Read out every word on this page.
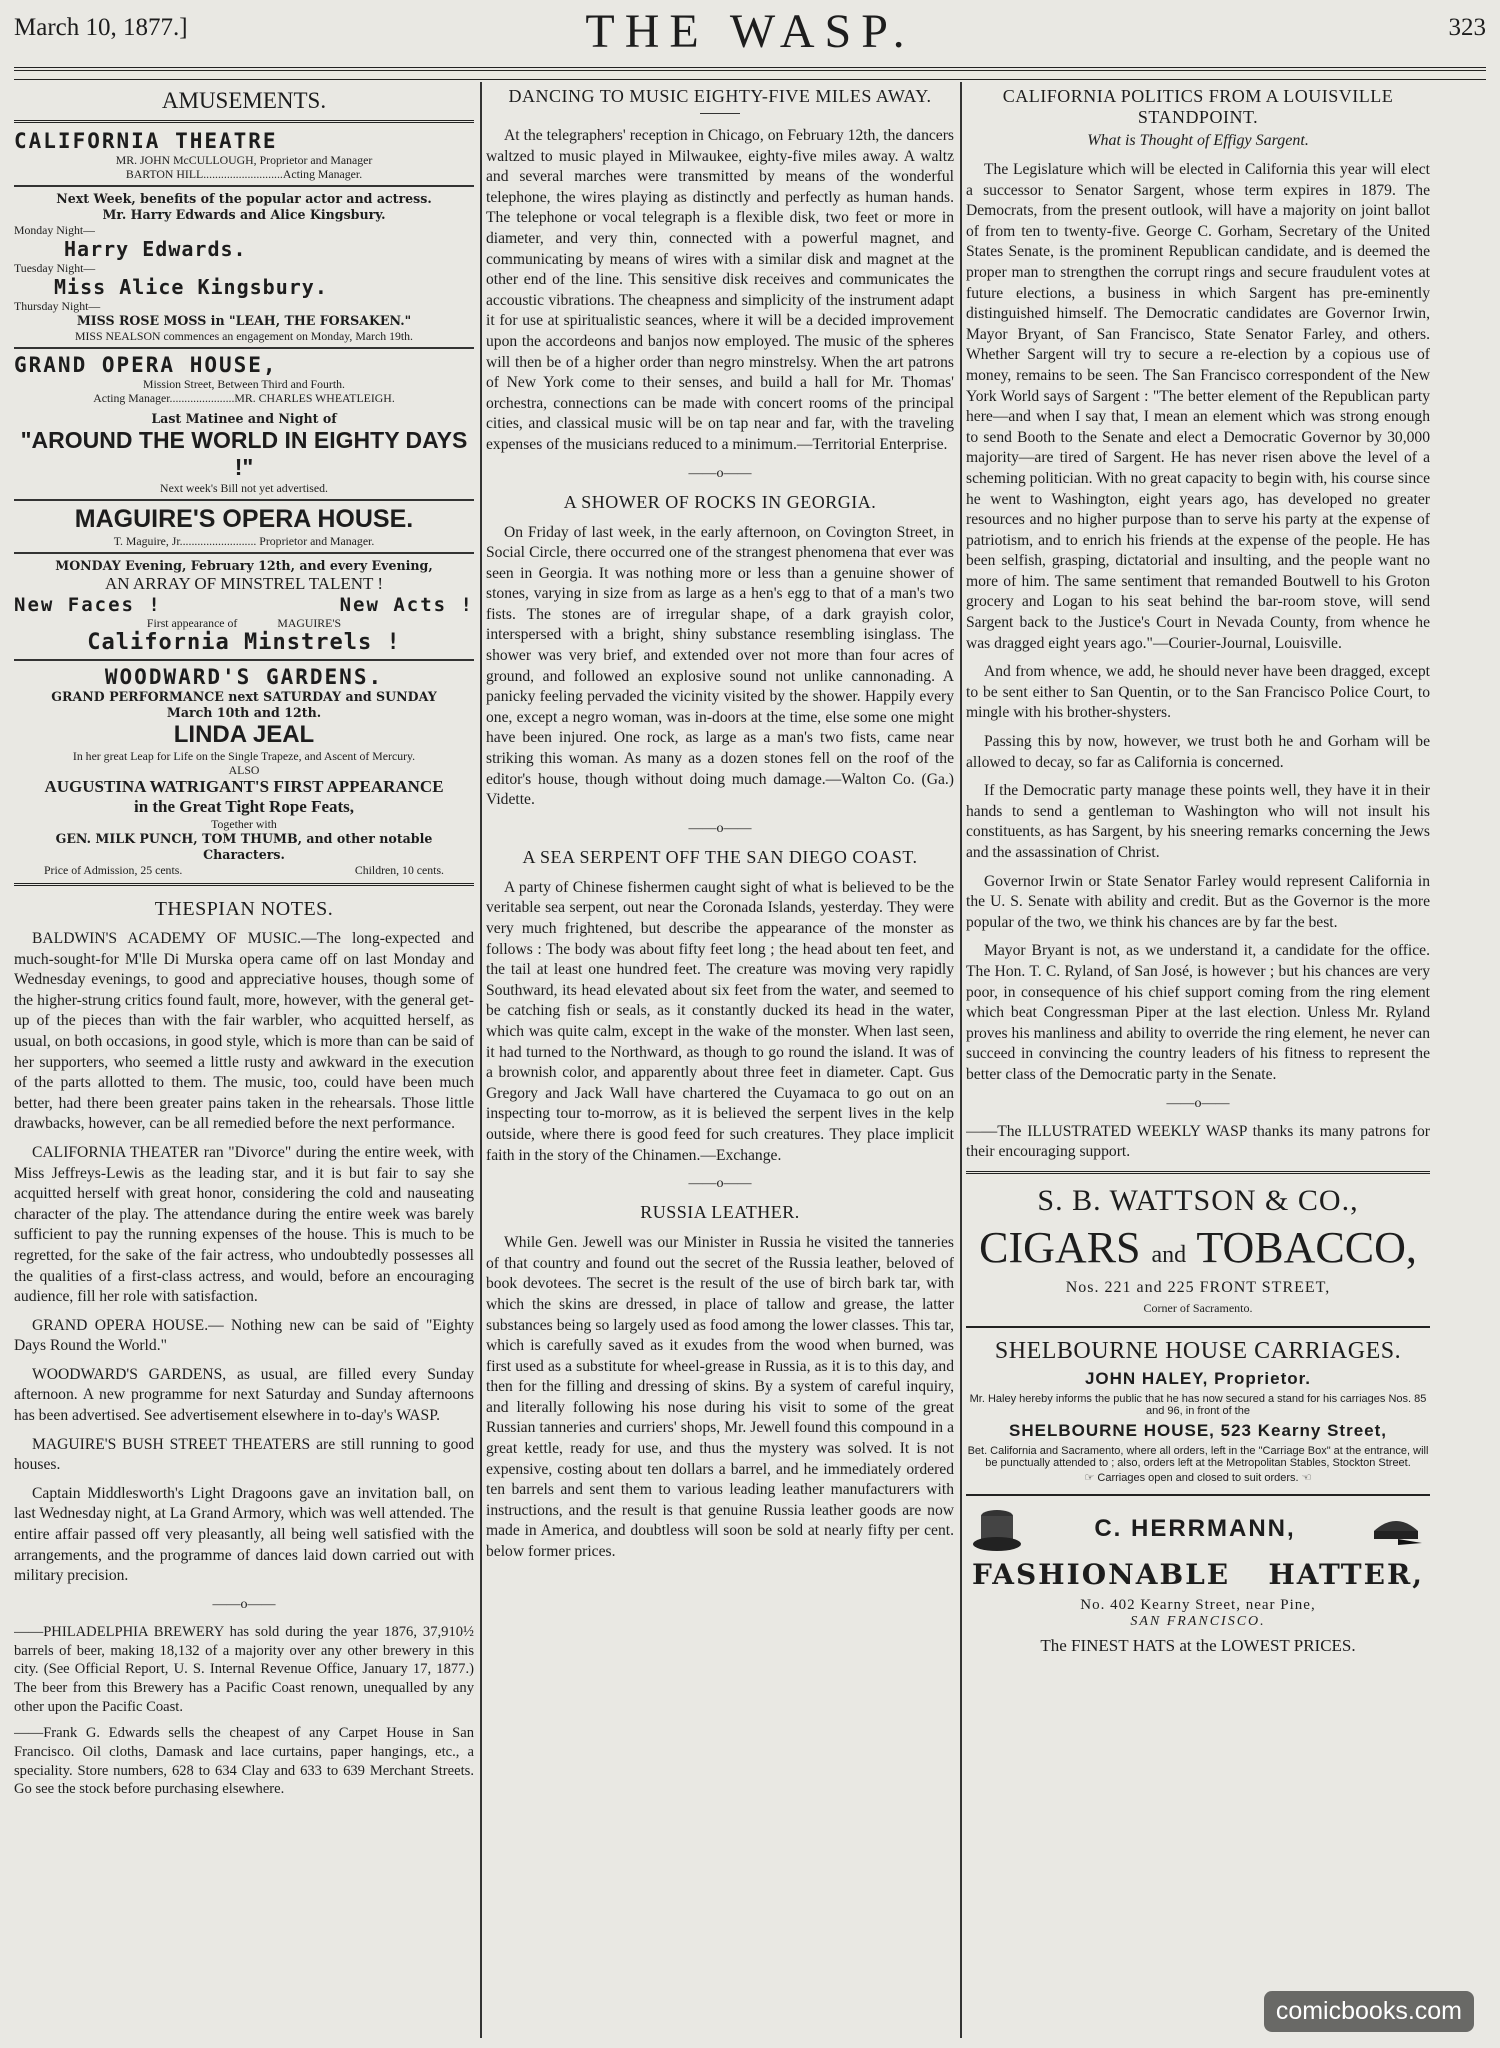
March 10, 1877.]	THE WASP.	323
AMUSEMENTS.
CALIFORNIA THEATRE
MR. JOHN McCULLOUGH, Proprietor and Manager
BARTON HILL...........................Acting Manager.
Next Week, benefits of the popular actor and actress.
Mr. Harry Edwards and Alice Kingsbury.
Monday Night—
Harry Edwards.
Tuesday Night—
Miss Alice Kingsbury.
Thursday Night—
MISS ROSE MOSS in "LEAH, THE FORSAKEN."
MISS NEALSON commences an engagement on Monday, March 19th.
GRAND OPERA HOUSE,
Mission Street, Between Third and Fourth.
Acting Manager......................MR. CHARLES WHEATLEIGH.
Last Matinee and Night of
"AROUND THE WORLD IN EIGHTY DAYS !"
Next week's Bill not yet advertised.
MAGUIRE'S OPERA HOUSE.
T. Maguire, Jr.......................... Proprietor and Manager.
MONDAY Evening, February 12th, and every Evening,
AN ARRAY OF MINSTREL TALENT !
New Faces !	New Acts !
First appearance of	MAGUIRE'S
California Minstrels !
WOODWARD'S GARDENS.
GRAND PERFORMANCE next SATURDAY and SUNDAY
March 10th and 12th.
LINDA JEAL
In her great Leap for Life on the Single Trapeze, and Ascent of Mercury.
ALSO
AUGUSTINA WATRIGANT'S FIRST APPEARANCE
in the Great Tight Rope Feats,
Together with
GEN. MILK PUNCH, TOM THUMB, and other notable Characters.
Price of Admission, 25 cents.	Children, 10 cents.
THESPIAN NOTES.

BALDWIN'S ACADEMY OF MUSIC.—The long-expected and much-sought-for M'lle Di Murska opera came off on last Monday and Wednesday evenings, to good and appreciative houses, though some of the higher-strung critics found fault, more, however, with the general get-up of the pieces than with the fair warbler, who acquitted herself, as usual, on both occasions, in good style, which is more than can be said of her supporters, who seemed a little rusty and awkward in the execution of the parts allotted to them. The music, too, could have been much better, had there been greater pains taken in the rehearsals. Those little drawbacks, however, can be all remedied before the next performance.

CALIFORNIA THEATER ran "Divorce" during the entire week, with Miss Jeffreys-Lewis as the leading star, and it is but fair to say she acquitted herself with great honor, considering the cold and nauseating character of the play. The attendance during the entire week was barely sufficient to pay the running expenses of the house. This is much to be regretted, for the sake of the fair actress, who undoubtedly possesses all the qualities of a first-class actress, and would, before an encouraging audience, fill her role with satisfaction.

GRAND OPERA HOUSE.— Nothing new can be said of "Eighty Days Round the World."

WOODWARD'S GARDENS, as usual, are filled every Sunday afternoon. A new programme for next Saturday and Sunday afternoons has been advertised. See advertisement elsewhere in to-day's WASP.

MAGUIRE'S BUSH STREET THEATERS are still running to good houses.

Captain Middlesworth's Light Dragoons gave an invitation ball, on last Wednesday night, at La Grand Armory, which was well attended. The entire affair passed off very pleasantly, all being well satisfied with the arrangements, and the programme of dances laid down carried out with military precision.

——o——

——PHILADELPHIA BREWERY has sold during the year 1876, 37,910½ barrels of beer, making 18,132 of a majority over any other brewery in this city. (See Official Report, U. S. Internal Revenue Office, January 17, 1877.) The beer from this Brewery has a Pacific Coast renown, unequalled by any other upon the Pacific Coast.

——Frank G. Edwards sells the cheapest of any Carpet House in San Francisco. Oil cloths, Damask and lace curtains, paper hangings, etc., a speciality. Store numbers, 628 to 634 Clay and 633 to 639 Merchant Streets. Go see the stock before purchasing elsewhere.

DANCING TO MUSIC EIGHTY-FIVE MILES AWAY.

At the telegraphers' reception in Chicago, on February 12th, the dancers waltzed to music played in Milwaukee, eighty-five miles away. A waltz and several marches were transmitted by means of the wonderful telephone, the wires playing as distinctly and perfectly as human hands. The telephone or vocal telegraph is a flexible disk, two feet or more in diameter, and very thin, connected with a powerful magnet, and communicating by means of wires with a similar disk and magnet at the other end of the line. This sensitive disk receives and communicates the accoustic vibrations. The cheapness and simplicity of the instrument adapt it for use at spiritualistic seances, where it will be a decided improvement upon the accordeons and banjos now employed. The music of the spheres will then be of a higher order than negro minstrelsy. When the art patrons of New York come to their senses, and build a hall for Mr. Thomas' orchestra, connections can be made with concert rooms of the principal cities, and classical music will be on tap near and far, with the traveling expenses of the musicians reduced to a minimum.—Territorial Enterprise.

——o——
A SHOWER OF ROCKS IN GEORGIA.

On Friday of last week, in the early afternoon, on Covington Street, in Social Circle, there occurred one of the strangest phenomena that ever was seen in Georgia. It was nothing more or less than a genuine shower of stones, varying in size from as large as a hen's egg to that of a man's two fists. The stones are of irregular shape, of a dark grayish color, interspersed with a bright, shiny substance resembling isinglass. The shower was very brief, and extended over not more than four acres of ground, and followed an explosive sound not unlike cannonading. A panicky feeling pervaded the vicinity visited by the shower. Happily every one, except a negro woman, was in-doors at the time, else some one might have been injured. One rock, as large as a man's two fists, came near striking this woman. As many as a dozen stones fell on the roof of the editor's house, though without doing much damage.—Walton Co. (Ga.) Vidette.

——o——
A SEA SERPENT OFF THE SAN DIEGO COAST.

A party of Chinese fishermen caught sight of what is believed to be the veritable sea serpent, out near the Coronada Islands, yesterday. They were very much frightened, but describe the appearance of the monster as follows : The body was about fifty feet long ; the head about ten feet, and the tail at least one hundred feet. The creature was moving very rapidly Southward, its head elevated about six feet from the water, and seemed to be catching fish or seals, as it constantly ducked its head in the water, which was quite calm, except in the wake of the monster. When last seen, it had turned to the Northward, as though to go round the island. It was of a brownish color, and apparently about three feet in diameter. Capt. Gus Gregory and Jack Wall have chartered the Cuyamaca to go out on an inspecting tour to-morrow, as it is believed the serpent lives in the kelp outside, where there is good feed for such creatures. They place implicit faith in the story of the Chinamen.—Exchange.

——o——
RUSSIA LEATHER.

While Gen. Jewell was our Minister in Russia he visited the tanneries of that country and found out the secret of the Russia leather, beloved of book devotees. The secret is the result of the use of birch bark tar, with which the skins are dressed, in place of tallow and grease, the latter substances being so largely used as food among the lower classes. This tar, which is carefully saved as it exudes from the wood when burned, was first used as a substitute for wheel-grease in Russia, as it is to this day, and then for the filling and dressing of skins. By a system of careful inquiry, and literally following his nose during his visit to some of the great Russian tanneries and curriers' shops, Mr. Jewell found this compound in a great kettle, ready for use, and thus the mystery was solved. It is not expensive, costing about ten dollars a barrel, and he immediately ordered ten barrels and sent them to various leading leather manufacturers with instructions, and the result is that genuine Russia leather goods are now made in America, and doubtless will soon be sold at nearly fifty per cent. below former prices.

CALIFORNIA POLITICS FROM A LOUISVILLE STANDPOINT.
What is Thought of Effigy Sargent.

The Legislature which will be elected in California this year will elect a successor to Senator Sargent, whose term expires in 1879. The Democrats, from the present outlook, will have a majority on joint ballot of from ten to twenty-five. George C. Gorham, Secretary of the United States Senate, is the prominent Republican candidate, and is deemed the proper man to strengthen the corrupt rings and secure fraudulent votes at future elections, a business in which Sargent has pre-eminently distinguished himself. The Democratic candidates are Governor Irwin, Mayor Bryant, of San Francisco, State Senator Farley, and others. Whether Sargent will try to secure a re-election by a copious use of money, remains to be seen. The San Francisco correspondent of the New York World says of Sargent : "The better element of the Republican party here—and when I say that, I mean an element which was strong enough to send Booth to the Senate and elect a Democratic Governor by 30,000 majority—are tired of Sargent. He has never risen above the level of a scheming politician. With no great capacity to begin with, his course since he went to Washington, eight years ago, has developed no greater resources and no higher purpose than to serve his party at the expense of patriotism, and to enrich his friends at the expense of the people. He has been selfish, grasping, dictatorial and insulting, and the people want no more of him. The same sentiment that remanded Boutwell to his Groton grocery and Logan to his seat behind the bar-room stove, will send Sargent back to the Justice's Court in Nevada County, from whence he was dragged eight years ago."—Courier-Journal, Louisville.

And from whence, we add, he should never have been dragged, except to be sent either to San Quentin, or to the San Francisco Police Court, to mingle with his brother-shysters.

Passing this by now, however, we trust both he and Gorham will be allowed to decay, so far as California is concerned.

If the Democratic party manage these points well, they have it in their hands to send a gentleman to Washington who will not insult his constituents, as has Sargent, by his sneering remarks concerning the Jews and the assassination of Christ.

Governor Irwin or State Senator Farley would represent California in the U. S. Senate with ability and credit. But as the Governor is the more popular of the two, we think his chances are by far the best.

Mayor Bryant is not, as we understand it, a candidate for the office. The Hon. T. C. Ryland, of San José, is however ; but his chances are very poor, in consequence of his chief support coming from the ring element which beat Congressman Piper at the last election. Unless Mr. Ryland proves his manliness and ability to override the ring element, he never can succeed in convincing the country leaders of his fitness to represent the better class of the Democratic party in the Senate.

——o——

——The ILLUSTRATED WEEKLY WASP thanks its many patrons for their encouraging support.

S. B. WATTSON & CO.,
CIGARS and TOBACCO,
Nos. 221 and 225 FRONT STREET,
Corner of Sacramento.
SHELBOURNE HOUSE CARRIAGES.
JOHN HALEY, Proprietor.
Mr. Haley hereby informs the public that he has now secured a stand for his carriages Nos. 85 and 96, in front of the
SHELBOURNE HOUSE, 523 Kearny Street,
Bet. California and Sacramento, where all orders, left in the "Carriage Box" at the entrance, will be punctually attended to ; also, orders left at the Metropolitan Stables, Stockton Street.
☞ Carriages open and closed to suit orders. ☜
C. HERRMANN,
FASHIONABLE HATTER,
No. 402 Kearny Street, near Pine,
SAN FRANCISCO.
The FINEST HATS at the LOWEST PRICES.
comicbooks.com
